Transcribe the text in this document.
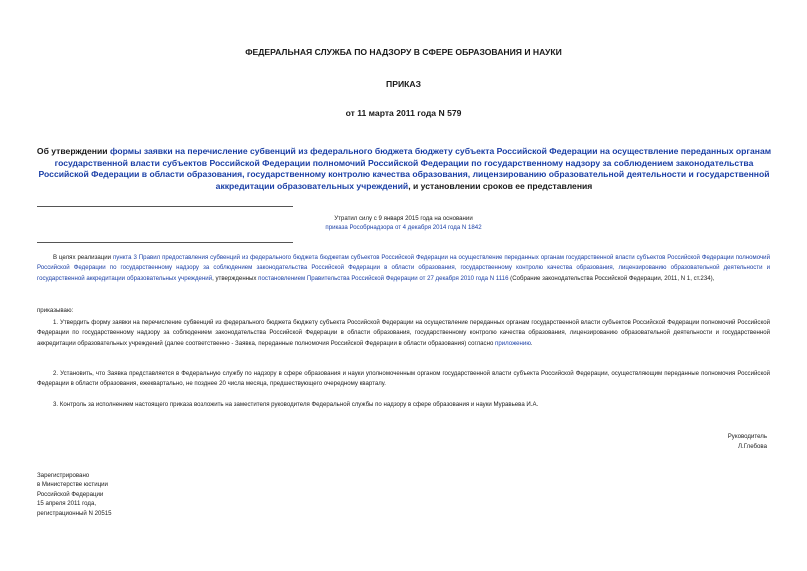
ФЕДЕРАЛЬНАЯ СЛУЖБА ПО НАДЗОРУ В СФЕРЕ ОБРАЗОВАНИЯ И НАУКИ
ПРИКАЗ
от 11 марта 2011 года N 579
Об утверждении формы заявки на перечисление субвенций из федерального бюджета бюджету субъекта Российской Федерации на осуществление переданных органам государственной власти субъектов Российской Федерации полномочий Российской Федерации по государственному надзору за соблюдением законодательства Российской Федерации в области образования, государственному контролю качества образования, лицензированию образовательной деятельности и государственной аккредитации образовательных учреждений, и установлении сроков ее представления
Утратил силу с 9 января 2015 года на основании
приказа Рособрнадзора от 4 декабря 2014 года N 1842
В целях реализации пункта 3 Правил предоставления субвенций из федерального бюджета бюджетам субъектов Российской Федерации на осуществление переданных органам государственной власти субъектов Российской Федерации полномочий Российской Федерации по государственному надзору за соблюдением законодательства Российской Федерации в области образования, государственному контролю качества образования, лицензированию образовательной деятельности и государственной аккредитации образовательных учреждений, утвержденных постановлением Правительства Российской Федерации от 27 декабря 2010 года N 1116 (Собрание законодательства Российской Федерации, 2011, N 1, ст.234),
приказываю:
1. Утвердить форму заявки на перечисление субвенций из федерального бюджета бюджету субъекта Российской Федерации на осуществление переданных органам государственной власти субъектов Российской Федерации полномочий Российской Федерации по государственному надзору за соблюдением законодательства Российской Федерации в области образования, государственному контролю качества образования, лицензированию образовательной деятельности и государственной аккредитации образовательных учреждений (далее соответственно - Заявка, переданные полномочия Российской Федерации в области образования) согласно приложению.
2. Установить, что Заявка представляется в Федеральную службу по надзору в сфере образования и науки уполномоченным органом государственной власти субъекта Российской Федерации, осуществляющим переданные полномочия Российской Федерации в области образования, ежеквартально, не позднее 20 числа месяца, предшествующего очередному кварталу.
3. Контроль за исполнением настоящего приказа возложить на заместителя руководителя Федеральной службы по надзору в сфере образования и науки Муравьева И.А.
Руководитель
Л.Глебова
Зарегистрировано
в Министерстве юстиции
Российской Федерации
15 апреля 2011 года,
регистрационный N 20515
